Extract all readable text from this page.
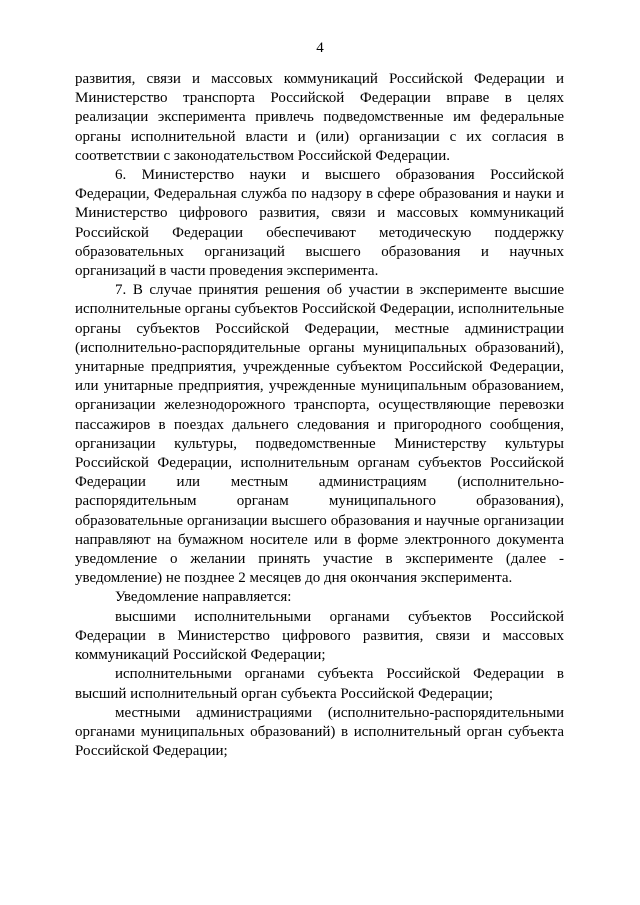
4

развития, связи и массовых коммуникаций Российской Федерации и Министерство транспорта Российской Федерации вправе в целях реализации эксперимента привлечь подведомственные им федеральные органы исполнительной власти и (или) организации с их согласия в соответствии с законодательством Российской Федерации.

6. Министерство науки и высшего образования Российской Федерации, Федеральная служба по надзору в сфере образования и науки и Министерство цифрового развития, связи и массовых коммуникаций Российской Федерации обеспечивают методическую поддержку образовательных организаций высшего образования и научных организаций в части проведения эксперимента.

7. В случае принятия решения об участии в эксперименте высшие исполнительные органы субъектов Российской Федерации, исполнительные органы субъектов Российской Федерации, местные администрации (исполнительно-распорядительные органы муниципальных образований), унитарные предприятия, учрежденные субъектом Российской Федерации, или унитарные предприятия, учрежденные муниципальным образованием, организации железнодорожного транспорта, осуществляющие перевозки пассажиров в поездах дальнего следования и пригородного сообщения, организации культуры, подведомственные Министерству культуры Российской Федерации, исполнительным органам субъектов Российской Федерации или местным администрациям (исполнительно-распорядительным органам муниципального образования), образовательные организации высшего образования и научные организации направляют на бумажном носителе или в форме электронного документа уведомление о желании принять участие в эксперименте (далее - уведомление) не позднее 2 месяцев до дня окончания эксперимента.

Уведомление направляется:

высшими исполнительными органами субъектов Российской Федерации в Министерство цифрового развития, связи и массовых коммуникаций Российской Федерации;

исполнительными органами субъекта Российской Федерации в высший исполнительный орган субъекта Российской Федерации;

местными администрациями (исполнительно-распорядительными органами муниципальных образований) в исполнительный орган субъекта Российской Федерации;
